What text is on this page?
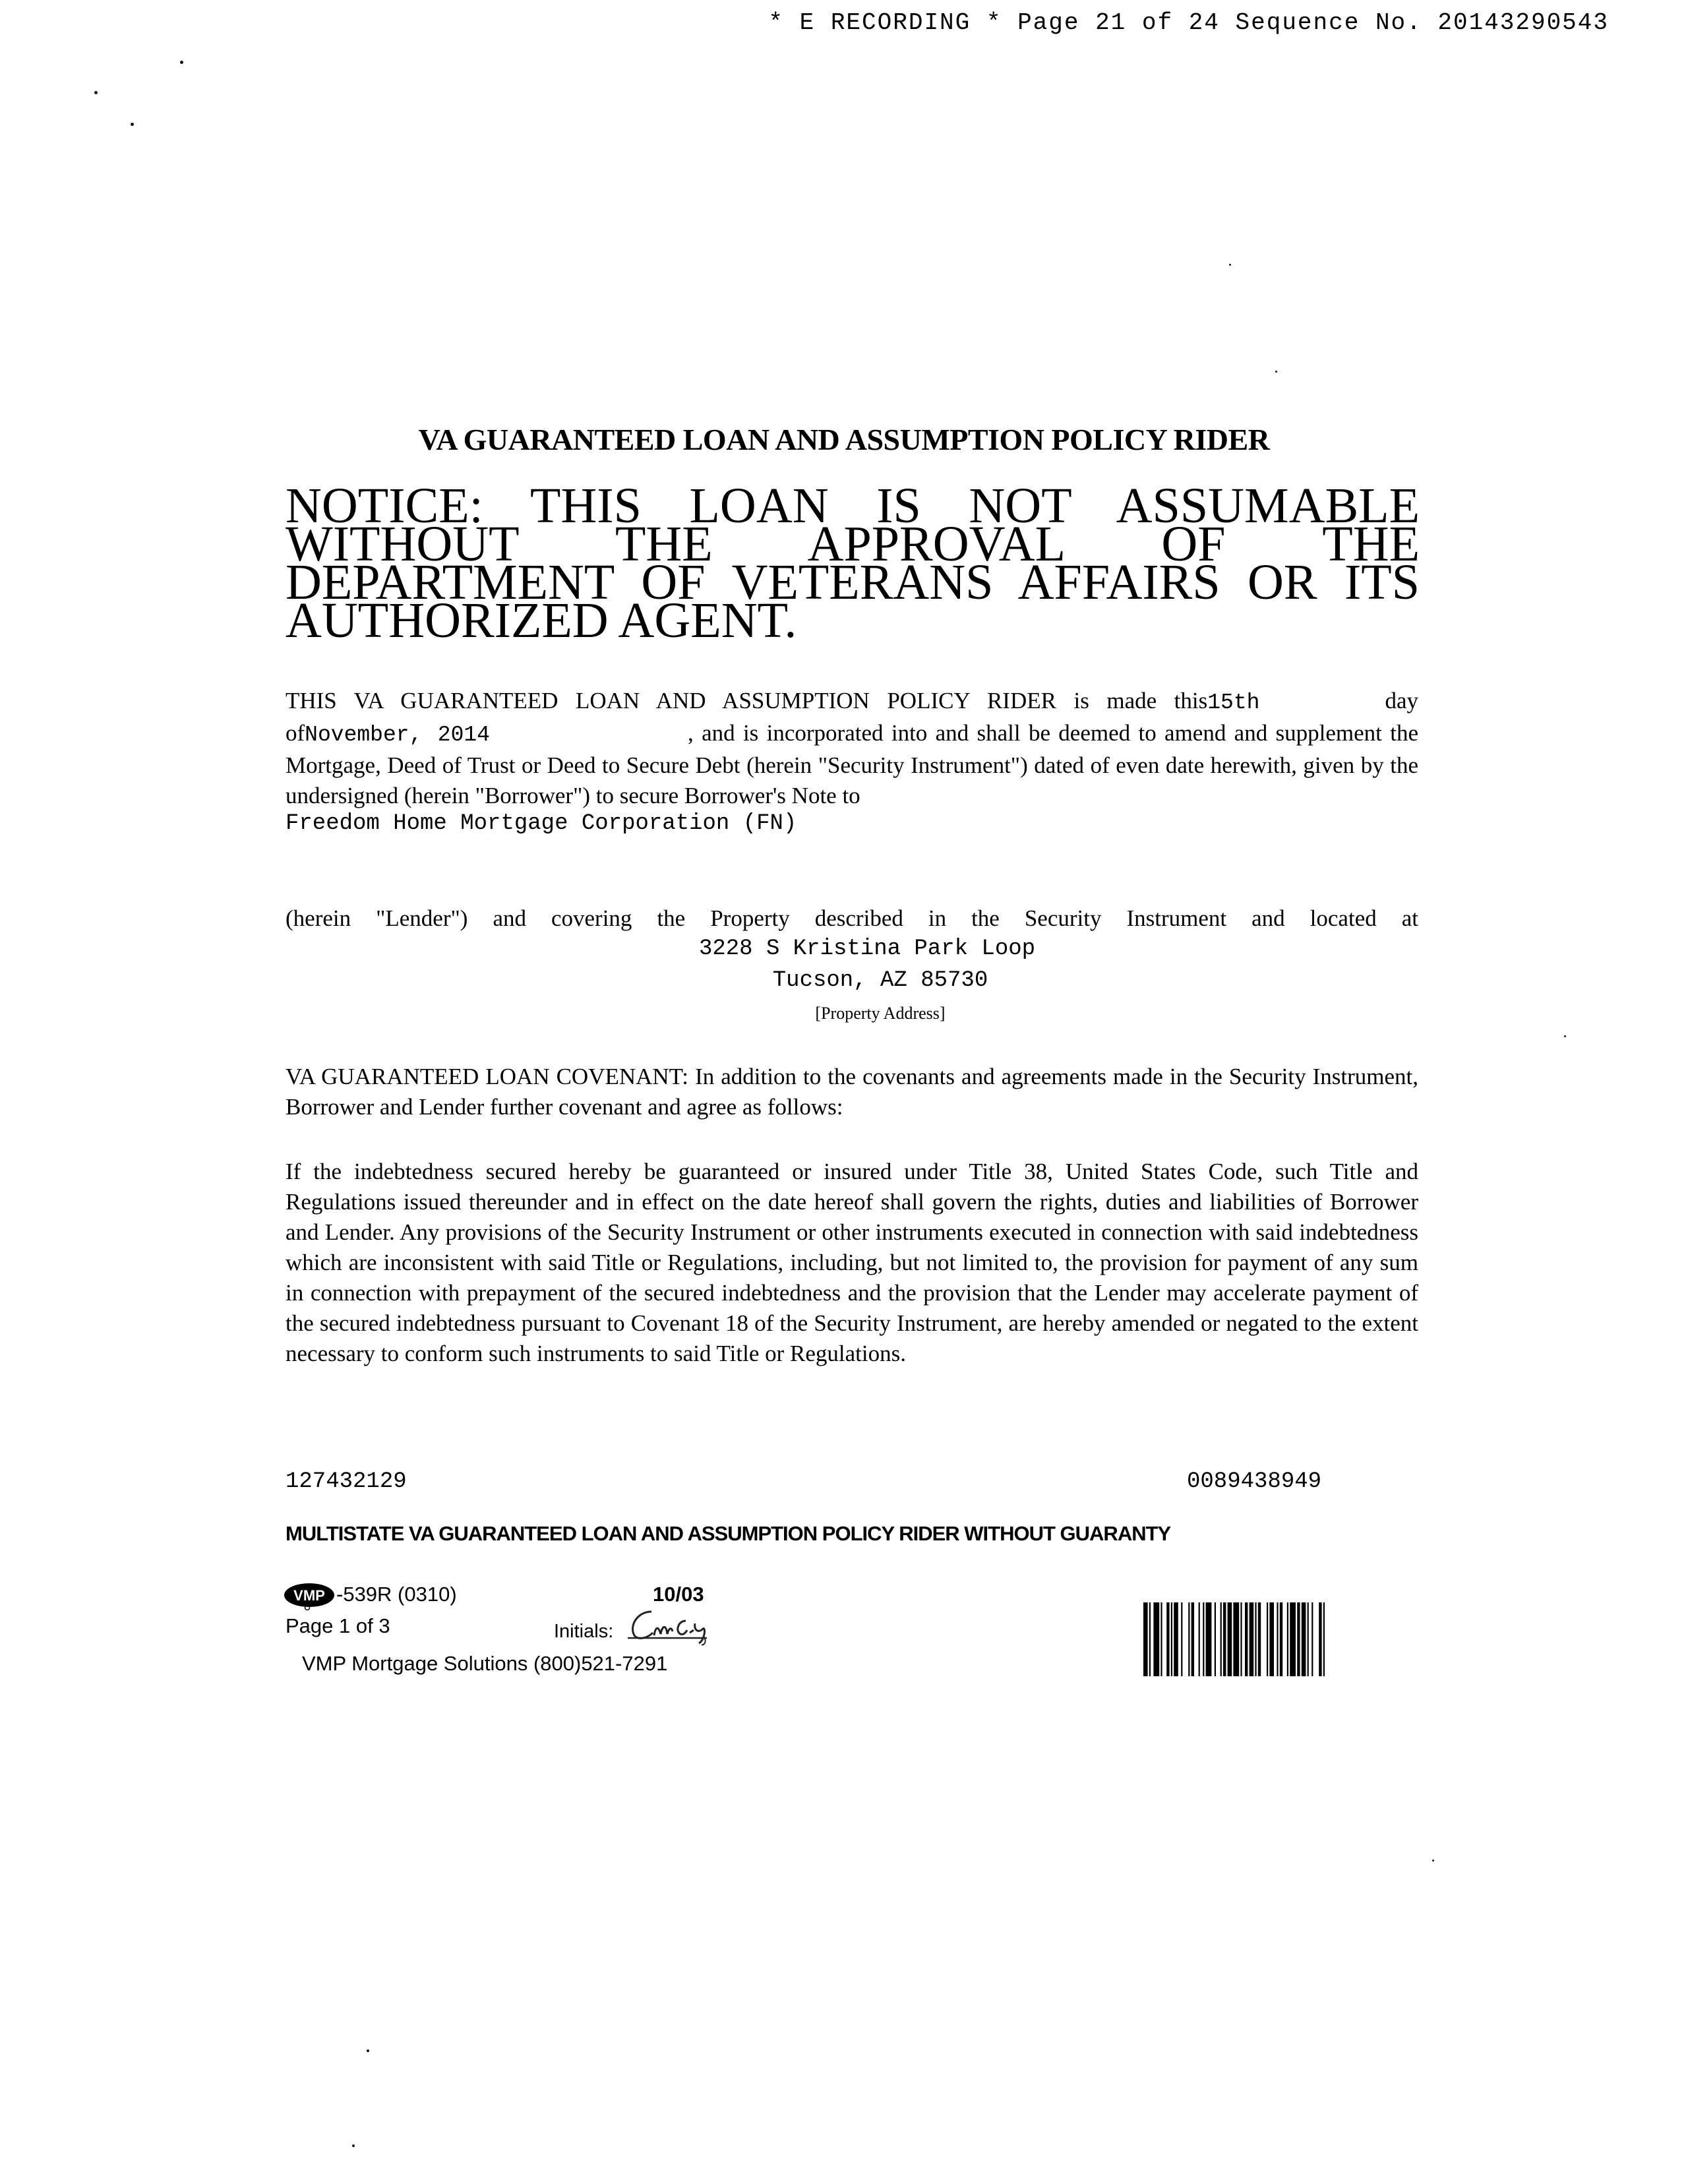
* E RECORDING * Page 21 of 24 Sequence No. 20143290543
VA GUARANTEED LOAN AND ASSUMPTION POLICY RIDER
NOTICE: THIS LOAN IS NOT ASSUMABLE WITHOUT THE APPROVAL OF THE DEPARTMENT OF VETERANS AFFAIRS OR ITS AUTHORIZED AGENT.
THIS VA GUARANTEED LOAN AND ASSUMPTION POLICY RIDER is made this15th	day ofNovember, 2014	, and is incorporated into and shall be deemed to amend and supplement the Mortgage, Deed of Trust or Deed to Secure Debt (herein "Security Instrument") dated of even date herewith, given by the undersigned (herein "Borrower") to secure Borrower's Note to
Freedom Home Mortgage Corporation (FN)
(herein "Lender") and covering the Property described in the Security Instrument and located at
3228 S Kristina Park Loop
Tucson, AZ 85730
[Property Address]
VA GUARANTEED LOAN COVENANT: In addition to the covenants and agreements made in the Security Instrument, Borrower and Lender further covenant and agree as follows:
If the indebtedness secured hereby be guaranteed or insured under Title 38, United States Code, such Title and Regulations issued thereunder and in effect on the date hereof shall govern the rights, duties and liabilities of Borrower and Lender. Any provisions of the Security Instrument or other instruments executed in connection with said indebtedness which are inconsistent with said Title or Regulations, including, but not limited to, the provision for payment of any sum in connection with prepayment of the secured indebtedness and the provision that the Lender may accelerate payment of the secured indebtedness pursuant to Covenant 18 of the Security Instrument, are hereby amended or negated to the extent necessary to conform such instruments to said Title or Regulations.
127432129	0089438949
MULTISTATE VA GUARANTEED LOAN AND ASSUMPTION POLICY RIDER WITHOUT GUARANTY
VMP -539R (0310)	10/03
Page 1 of 3	Initials:
VMP Mortgage Solutions (800)521-7291
